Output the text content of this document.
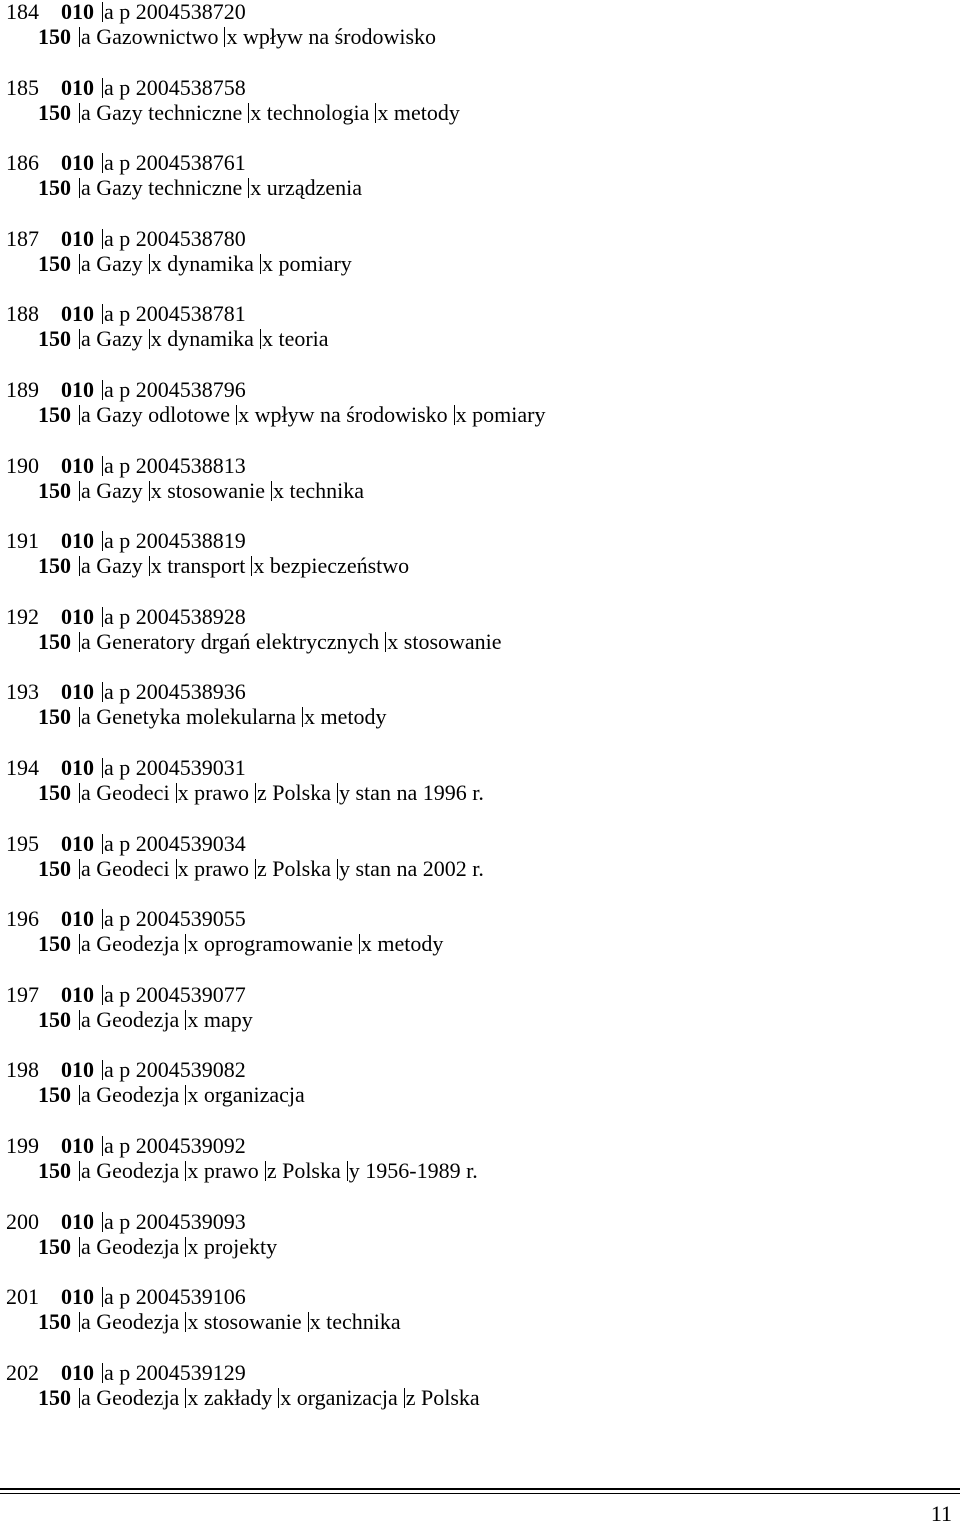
184 010 a p 2004538720
150 a Gazownictwo x wpływ na środowisko
185 010 a p 2004538758
150 a Gazy techniczne x technologia x metody
186 010 a p 2004538761
150 a Gazy techniczne x urządzenia
187 010 a p 2004538780
150 a Gazy x dynamika x pomiary
188 010 a p 2004538781
150 a Gazy x dynamika x teoria
189 010 a p 2004538796
150 a Gazy odlotowe x wpływ na środowisko x pomiary
190 010 a p 2004538813
150 a Gazy x stosowanie x technika
191 010 a p 2004538819
150 a Gazy x transport x bezpieczeństwo
192 010 a p 2004538928
150 a Generatory drgań elektrycznych x stosowanie
193 010 a p 2004538936
150 a Genetyka molekularna x metody
194 010 a p 2004539031
150 a Geodeci x prawo z Polska y stan na 1996 r.
195 010 a p 2004539034
150 a Geodeci x prawo z Polska y stan na 2002 r.
196 010 a p 2004539055
150 a Geodezja x oprogramowanie x metody
197 010 a p 2004539077
150 a Geodezja x mapy
198 010 a p 2004539082
150 a Geodezja x organizacja
199 010 a p 2004539092
150 a Geodezja x prawo z Polska y 1956-1989 r.
200 010 a p 2004539093
150 a Geodezja x projekty
201 010 a p 2004539106
150 a Geodezja x stosowanie x technika
202 010 a p 2004539129
150 a Geodezja x zakłady x organizacja z Polska
11
